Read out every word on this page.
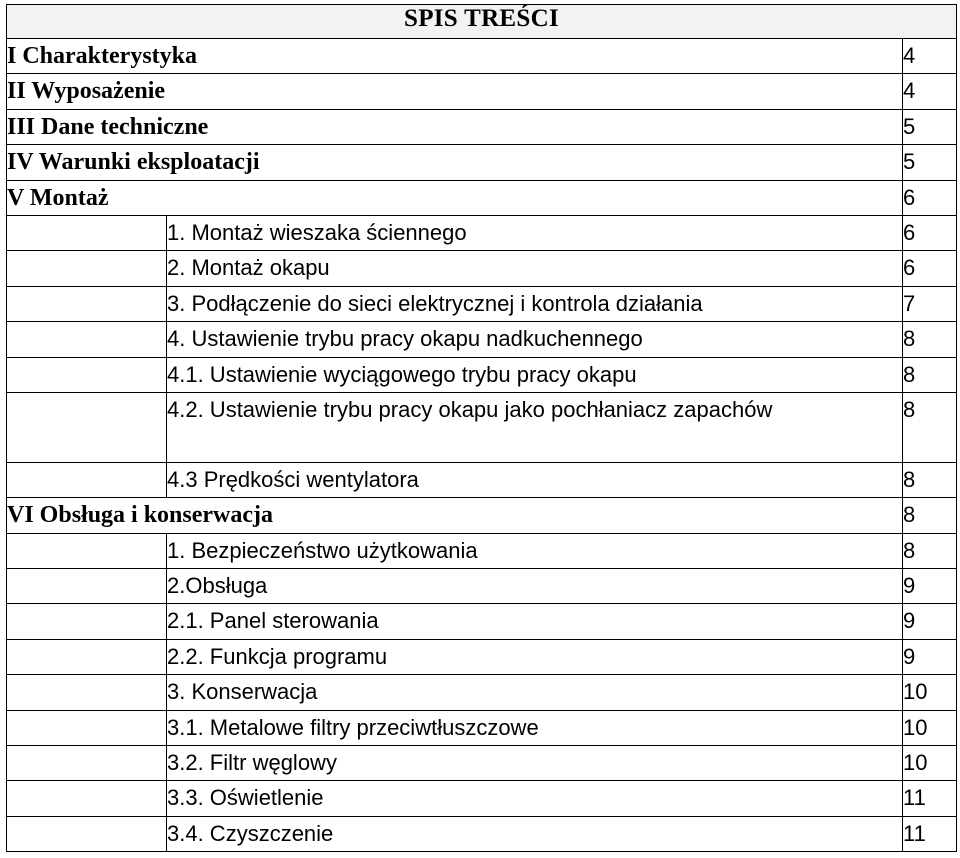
SPIS TREŚCI		
I Charakterystyka		4
II Wyposażenie		4
III Dane techniczne		5
IV Warunki eksploatacji		5
V Montaż		6
	1. Montaż wieszaka ściennego	6
	2. Montaż okapu	6
	3. Podłączenie do sieci elektrycznej i kontrola działania	7
	4. Ustawienie trybu pracy okapu nadkuchennego	8
	4.1. Ustawienie wyciągowego trybu pracy okapu	8
	4.2. Ustawienie trybu pracy okapu jako pochłaniacz zapachów	8
	4.3 Prędkości wentylatora	8
VI Obsługa i konserwacja		8
	1. Bezpieczeństwo użytkowania	8
	2.Obsługa	9
	2.1. Panel sterowania	9
	2.2. Funkcja programu	9
	3. Konserwacja	10
	3.1. Metalowe filtry przeciwtłuszczowe	10
	3.2. Filtr węglowy	10
	3.3. Oświetlenie	11
	3.4. Czyszczenie	11
